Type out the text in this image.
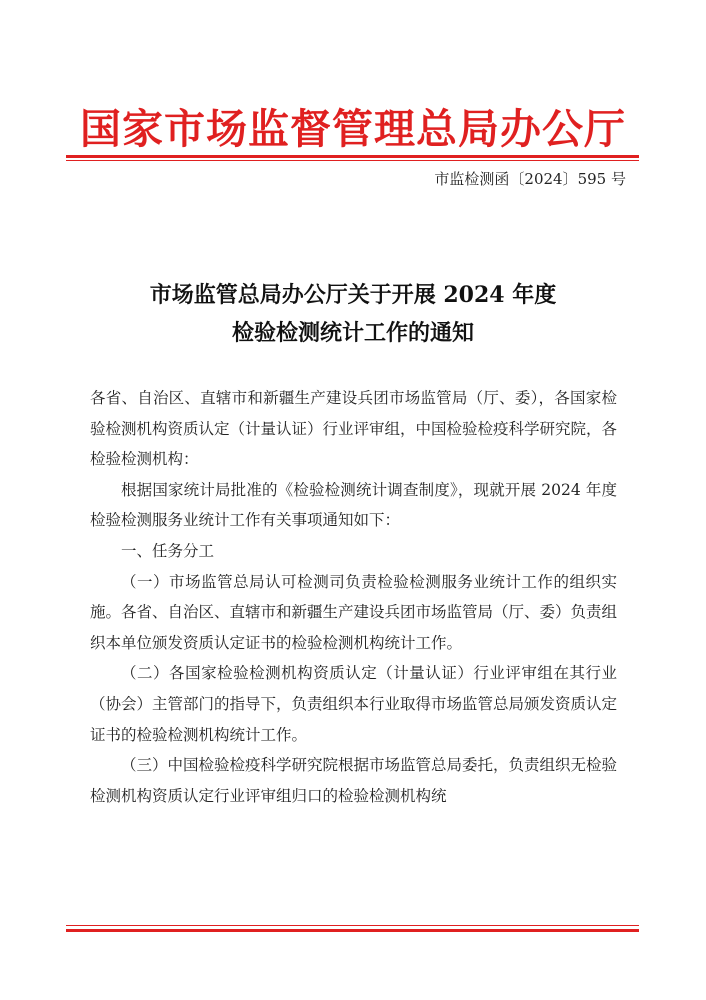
国家市场监督管理总局办公厅
市监检测函〔2024〕595 号
市场监管总局办公厅关于开展 2024 年度
检验检测统计工作的通知

各省、自治区、直辖市和新疆生产建设兵团市场监管局（厅、委），各国家检验检测机构资质认定（计量认证）行业评审组，中国检验检疫科学研究院，各检验检测机构：

根据国家统计局批准的《检验检测统计调查制度》，现就开展 2024 年度检验检测服务业统计工作有关事项通知如下：

一、任务分工

（一）市场监管总局认可检测司负责检验检测服务业统计工作的组织实施。各省、自治区、直辖市和新疆生产建设兵团市场监管局（厅、委）负责组织本单位颁发资质认定证书的检验检测机构统计工作。

（二）各国家检验检测机构资质认定（计量认证）行业评审组在其行业（协会）主管部门的指导下，负责组织本行业取得市场监管总局颁发资质认定证书的检验检测机构统计工作。

（三）中国检验检疫科学研究院根据市场监管总局委托，负责组织无检验检测机构资质认定行业评审组归口的检验检测机构统
